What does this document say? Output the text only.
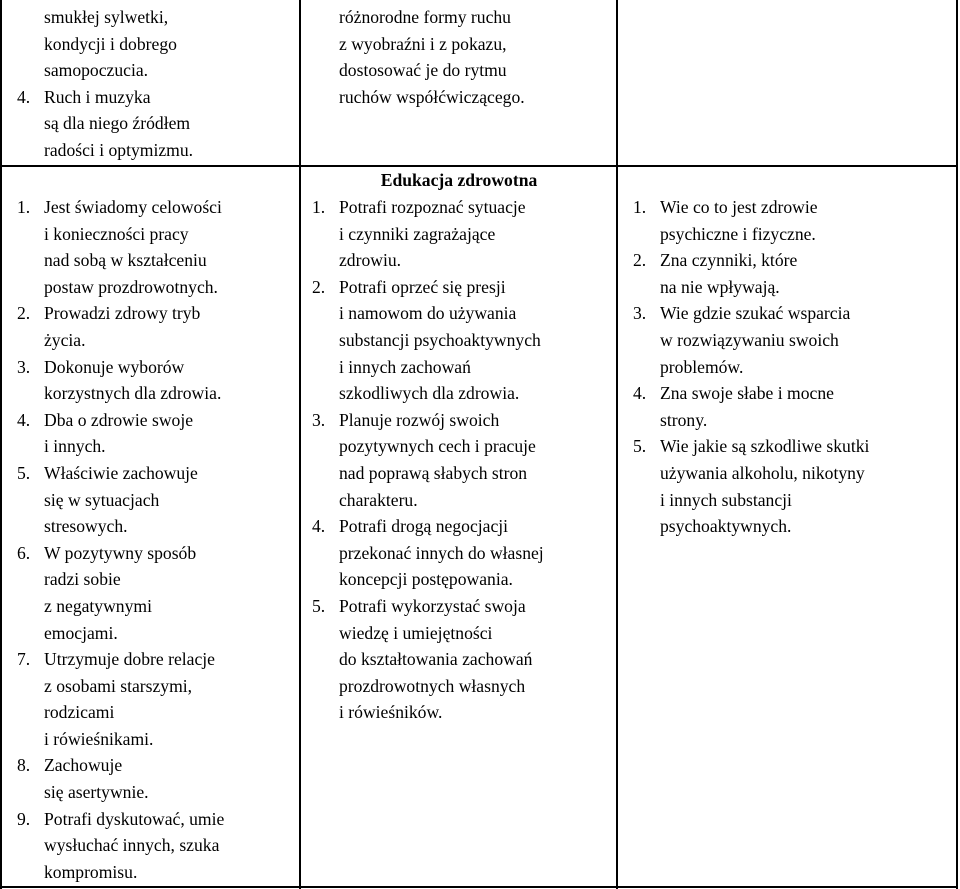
smukłej sylwetki,
kondycji i dobrego
samopoczucia.
4. Ruch i muzyka
są dla niego źródłem
radości i optymizmu.
1. Jest świadomy celowości
i konieczności pracy
nad sobą w kształceniu
postaw prozdrowotnych.
2. Prowadzi zdrowy tryb
życia.
3. Dokonuje wyborów
korzystnych dla zdrowia.
4. Dba o zdrowie swoje
i innych.
5. Właściwie zachowuje
się w sytuacjach
stresowych.
6. W pozytywny sposób
radzi sobie
z negatywnymi
emocjami.
7. Utrzymuje dobre relacje
z osobami starszymi,
rodzicami
i rówieśnikami.
8. Zachowuje
się asertywnie.
9. Potrafi dyskutować, umie
wysłuchać innych, szuka
kompromisu.
różnorodne formy ruchu
z wyobraźni i z pokazu,
dostosować je do rytmu
ruchów współćwiczącego.
Edukacja zdrowotna
1. Potrafi rozpoznać sytuacje
i czynniki zagrażające
zdrowiu.
2. Potrafi oprzeć się presji
i namowom do używania
substancji psychoaktywnych
i innych zachowań
szkodliwych dla zdrowia.
3. Planuje rozwój swoich
pozytywnych cech i pracuje
nad poprawą słabych stron
charakteru.
4. Potrafi drogą negocjacji
przekonać innych do własnej
koncepcji postępowania.
5. Potrafi wykorzystać swoja
wiedzę i umiejętności
do kształtowania zachowań
prozdrowotnych własnych
i rówieśników.
1. Wie co to jest zdrowie
psychiczne i fizyczne.
2. Zna czynniki, które
na nie wpływają.
3. Wie gdzie szukać wsparcia
w rozwiązywaniu swoich
problemów.
4. Zna swoje słabe i mocne
strony.
5. Wie jakie są szkodliwe skutki
używania alkoholu, nikotyny
i innych substancji
psychoaktywnych.
